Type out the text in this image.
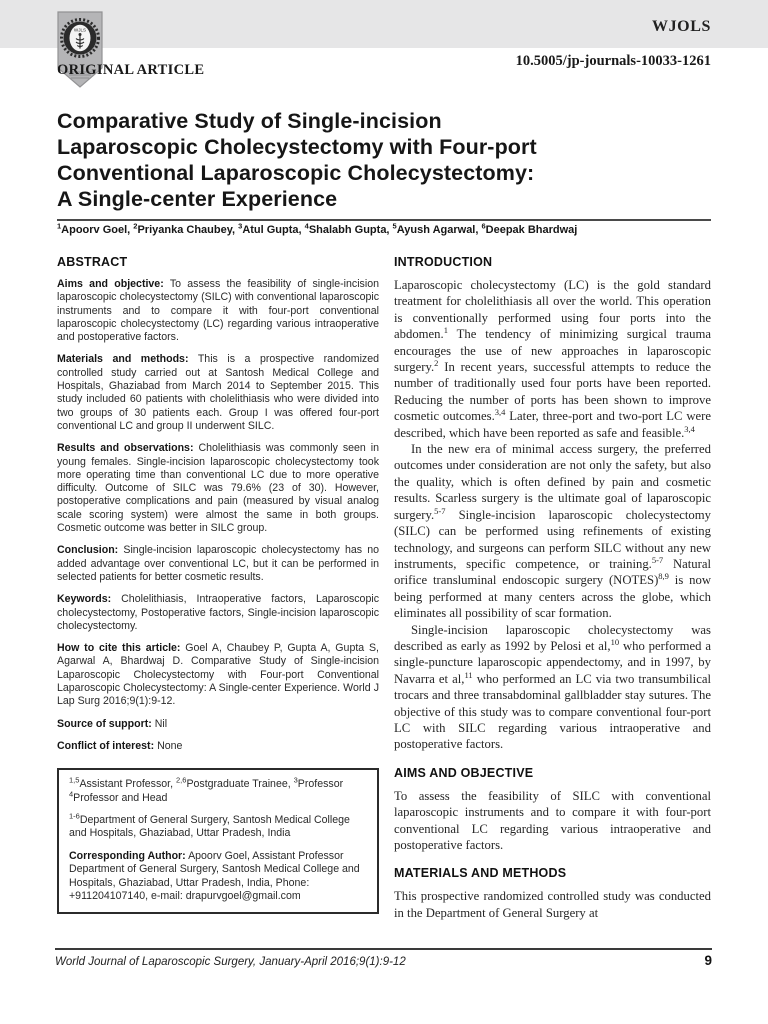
WJLS	WJOLS
ORIGINAL ARTICLE
10.5005/jp-journals-10033-1261
Comparative Study of Single-incision
Laparoscopic Cholecystectomy with Four-port
Conventional Laparoscopic Cholecystectomy:
A Single-center Experience
$^1$Apoorv Goel, $^2$Priyanka Chaubey, $^3$Atul Gupta, $^4$Shalabh Gupta, $^5$Ayush Agarwal, $^6$Deepak Bhardwaj
ABSTRACT

Aims and objective: To assess the feasibility of single-incision laparoscopic cholecystectomy (SILC) with conventional laparoscopic instruments and to compare it with four-port conventional laparoscopic cholecystectomy (LC) regarding various intraoperative and postoperative factors.

Materials and methods: This is a prospective randomized controlled study carried out at Santosh Medical College and Hospitals, Ghaziabad from March 2014 to September 2015. This study included 60 patients with cholelithiasis who were divided into two groups of 30 patients each. Group I was offered four-port conventional LC and group II underwent SILC.

Results and observations: Cholelithiasis was commonly seen in young females. Single-incision laparoscopic cholecystectomy took more operating time than conventional LC due to more operative difficulty. Outcome of SILC was 79.6% (23 of 30). However, postoperative complications and pain (measured by visual analog scale scoring system) were almost the same in both groups. Cosmetic outcome was better in SILC group.

Conclusion: Single-incision laparoscopic cholecystectomy has no added advantage over conventional LC, but it can be performed in selected patients for better cosmetic results.

Keywords: Cholelithiasis, Intraoperative factors, Laparoscopic cholecystectomy, Postoperative factors, Single-incision laparoscopic cholecystectomy.

How to cite this article: Goel A, Chaubey P, Gupta A, Gupta S, Agarwal A, Bhardwaj D. Comparative Study of Single-incision Laparoscopic Cholecystectomy with Four-port Conventional Laparoscopic Cholecystectomy: A Single-center Experience. World J Lap Surg 2016;9(1):9-12.

Source of support: Nil

Conflict of interest: None

$^{1,5}$Assistant Professor, $^{2,6}$Postgraduate Trainee, $^3$Professor
$^4$Professor and Head

$^{1-6}$Department of General Surgery, Santosh Medical College and Hospitals, Ghaziabad, Uttar Pradesh, India

Corresponding Author: Apoorv Goel, Assistant Professor Department of General Surgery, Santosh Medical College and Hospitals, Ghaziabad, Uttar Pradesh, India, Phone: +911204107140, e-mail: drapurvgoel@gmail.com

INTRODUCTION

Laparoscopic cholecystectomy (LC) is the gold standard treatment for cholelithiasis all over the world. This operation is conventionally performed using four ports into the abdomen.$^1$ The tendency of minimizing surgical trauma encourages the use of new approaches in laparoscopic surgery.$^2$ In recent years, successful attempts to reduce the number of traditionally used four ports have been reported. Reducing the number of ports has been shown to improve cosmetic outcomes.$^{3,4}$ Later, three-port and two-port LC were described, which have been reported as safe and feasible.$^{3,4}$

In the new era of minimal access surgery, the preferred outcomes under consideration are not only the safety, but also the quality, which is often defined by pain and cosmetic results. Scarless surgery is the ultimate goal of laparoscopic surgery.$^{5-7}$ Single-incision laparoscopic cholecystectomy (SILC) can be performed using refinements of existing technology, and surgeons can perform SILC without any new instruments, specific competence, or training.$^{5-7}$ Natural orifice transluminal endoscopic surgery (NOTES)$^{8,9}$ is now being performed at many centers across the globe, which eliminates all possibility of scar formation.

Single-incision laparoscopic cholecystectomy was described as early as 1992 by Pelosi et al,$^{10}$ who performed a single-puncture laparoscopic appendectomy, and in 1997, by Navarra et al,$^{11}$ who performed an LC via two transumbilical trocars and three transabdominal gallbladder stay sutures. The objective of this study was to compare conventional four-port LC with SILC regarding various intraoperative and postoperative factors.

AIMS AND OBJECTIVE

To assess the feasibility of SILC with conventional laparoscopic instruments and to compare it with four-port conventional LC regarding various intraoperative and postoperative factors.

MATERIALS AND METHODS

This prospective randomized controlled study was conducted in the Department of General Surgery at

World Journal of Laparoscopic Surgery, January-April 2016;9(1):9-12	9
